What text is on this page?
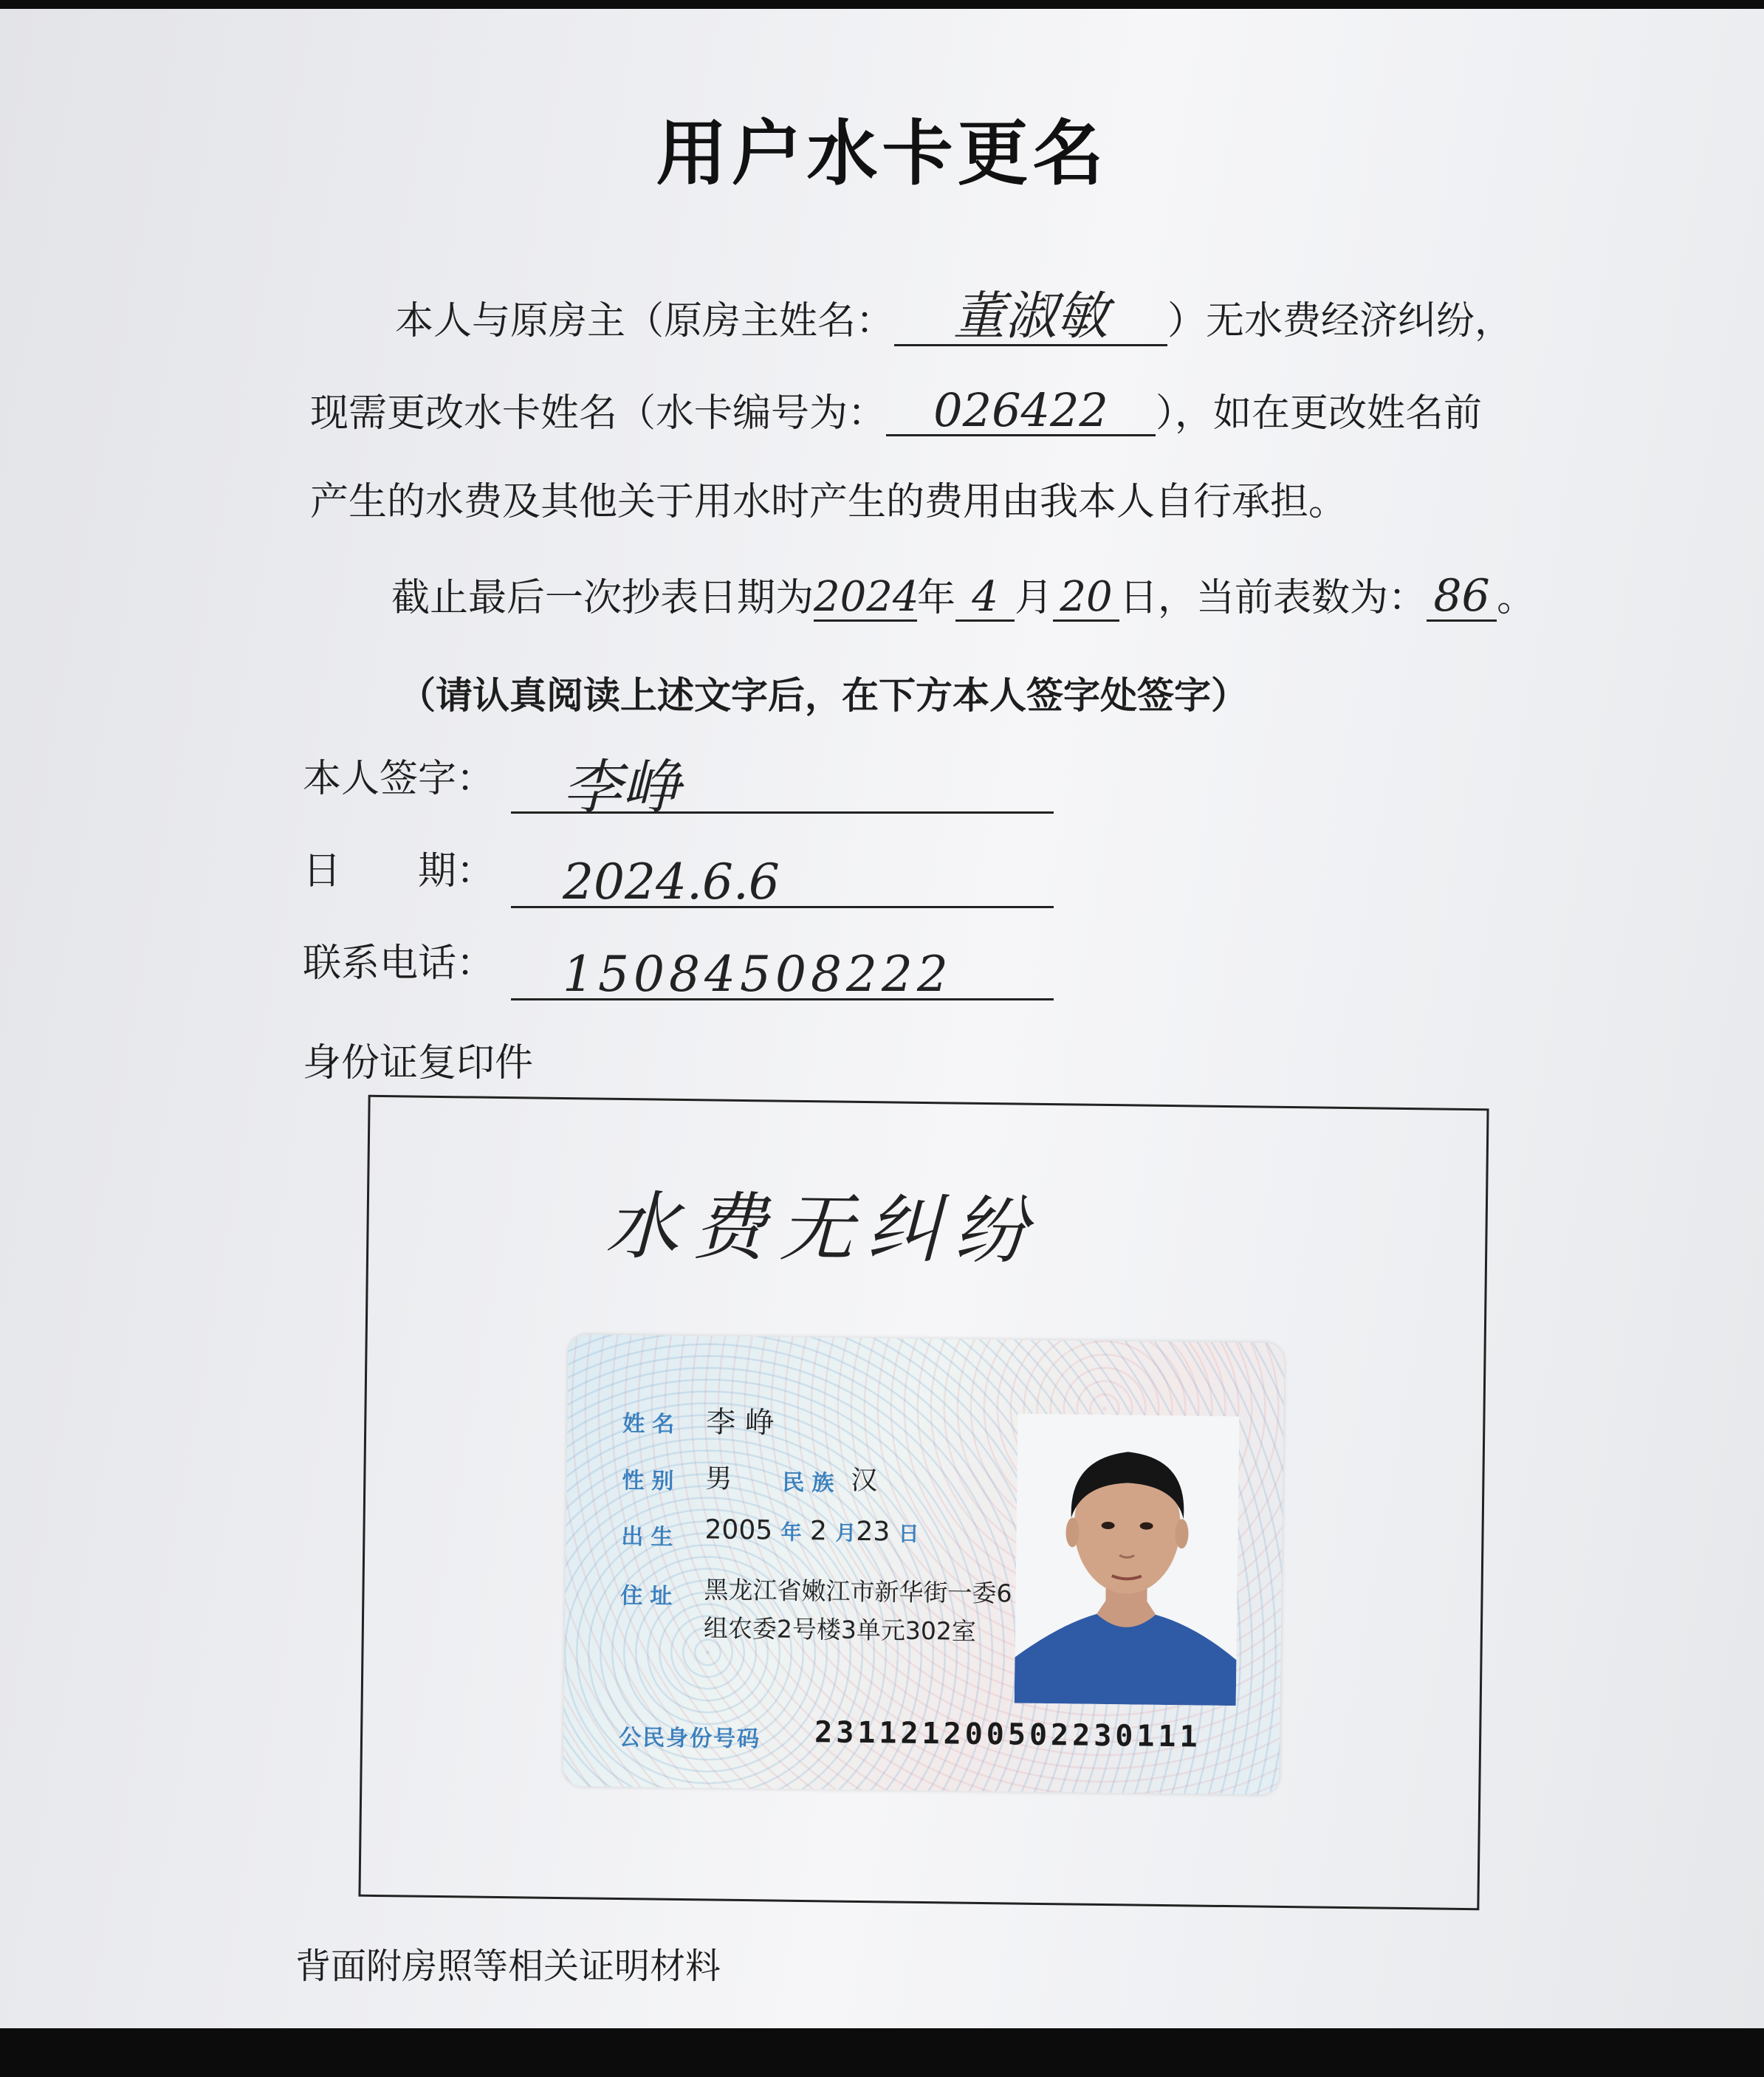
用户水卡更名
本人与原房主（原房主姓名： 董淑敏 ）无水费经济纠纷，
现需更改水卡姓名（水卡编号为： 026422 ），如在更改姓名前
产生的水费及其他关于用水时产生的费用由我本人自行承担。
截止最后一次抄表日期为2024年 4 月 20 日，当前表数为： 86 。
（请认真阅读上述文字后，在下方本人签字处签字）
本人签字：	李峥
日　　期：	2024.6.6
联系电话：	15084508222
身份证复印件
水费无纠纷
姓名 李 峥
性别 男 民族 汉
出生 2005 年 2 月23 日
住址 黑龙江省嫩江市新华街一委6组农委2号楼3单元302室
公民身份号码 231121200502230111
背面附房照等相关证明材料
